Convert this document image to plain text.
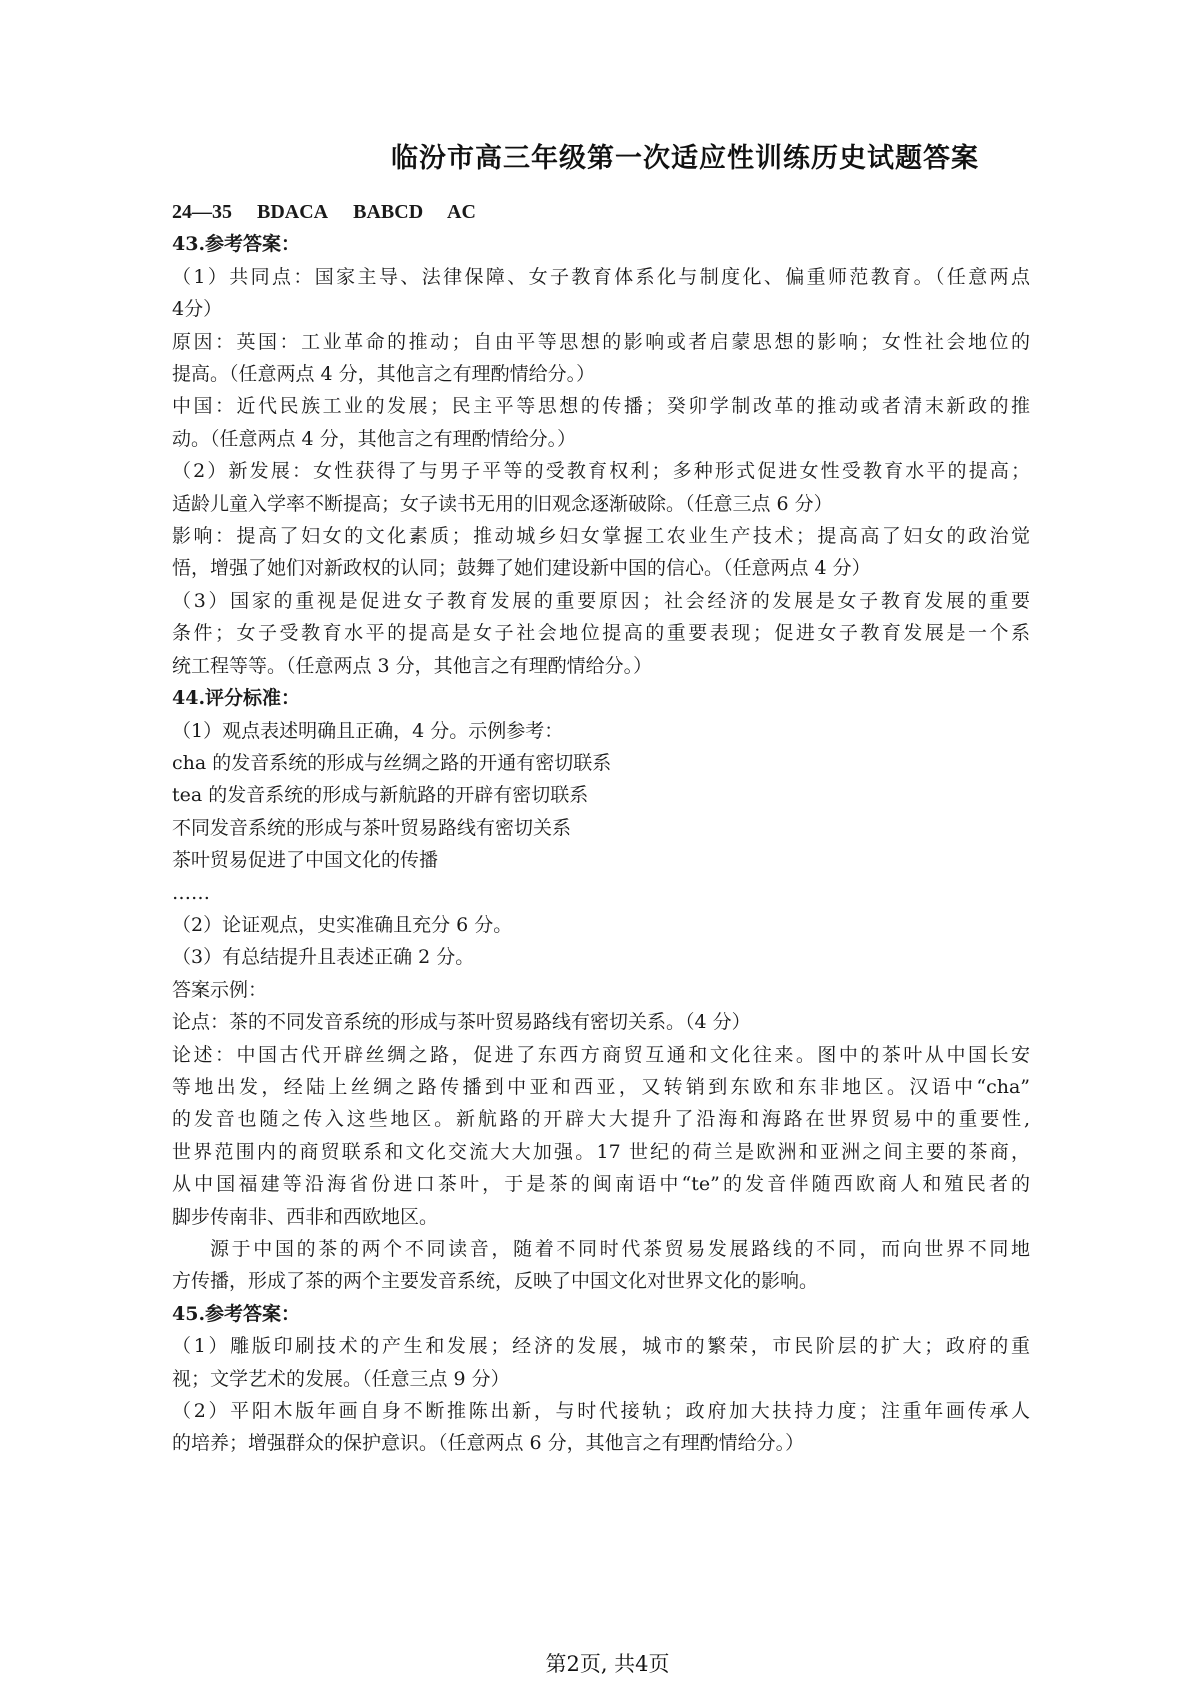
临汾市高三年级第一次适应性训练历史试题答案
24—35 BDACA BABCD AC
43.参考答案：
（1）共同点：国家主导、法律保障、女子教育体系化与制度化、偏重师范教育。（任意两点
4分）
原因：英国：工业革命的推动；自由平等思想的影响或者启蒙思想的影响；女性社会地位的
提高。（任意两点 4 分，其他言之有理酌情给分。）
中国：近代民族工业的发展；民主平等思想的传播；癸卯学制改革的推动或者清末新政的推
动。（任意两点 4 分，其他言之有理酌情给分。）
（2）新发展：女性获得了与男子平等的受教育权利；多种形式促进女性受教育水平的提高；
适龄儿童入学率不断提高；女子读书无用的旧观念逐渐破除。（任意三点 6 分）
影响：提高了妇女的文化素质；推动城乡妇女掌握工农业生产技术；提高高了妇女的政治觉
悟，增强了她们对新政权的认同；鼓舞了她们建设新中国的信心。（任意两点 4 分）
（3）国家的重视是促进女子教育发展的重要原因；社会经济的发展是女子教育发展的重要
条件；女子受教育水平的提高是女子社会地位提高的重要表现；促进女子教育发展是一个系
统工程等等。（任意两点 3 分，其他言之有理酌情给分。）
44.评分标准：
（1）观点表述明确且正确，4 分。示例参考：
cha 的发音系统的形成与丝绸之路的开通有密切联系
tea 的发音系统的形成与新航路的开辟有密切联系
不同发音系统的形成与茶叶贸易路线有密切关系
茶叶贸易促进了中国文化的传播
……
（2）论证观点，史实准确且充分 6 分。
（3）有总结提升且表述正确 2 分。
答案示例：
论点：茶的不同发音系统的形成与茶叶贸易路线有密切关系。（4 分）
论述：中国古代开辟丝绸之路，促进了东西方商贸互通和文化往来。图中的茶叶从中国长安
等地出发，经陆上丝绸之路传播到中亚和西亚，又转销到东欧和东非地区。汉语中“cha”
的发音也随之传入这些地区。新航路的开辟大大提升了沿海和海路在世界贸易中的重要性,
世界范围内的商贸联系和文化交流大大加强。17 世纪的荷兰是欧洲和亚洲之间主要的茶商，
从中国福建等沿海省份进口茶叶，于是茶的闽南语中“te”的发音伴随西欧商人和殖民者的
脚步传南非、西非和西欧地区。
源于中国的茶的两个不同读音，随着不同时代茶贸易发展路线的不同，而向世界不同地
方传播，形成了茶的两个主要发音系统，反映了中国文化对世界文化的影响。
45.参考答案：
（1）雕版印刷技术的产生和发展；经济的发展，城市的繁荣，市民阶层的扩大；政府的重
视；文学艺术的发展。（任意三点 9 分）
（2）平阳木版年画自身不断推陈出新，与时代接轨；政府加大扶持力度；注重年画传承人
的培养；增强群众的保护意识。（任意两点 6 分，其他言之有理酌情给分。）
第2页, 共4页
